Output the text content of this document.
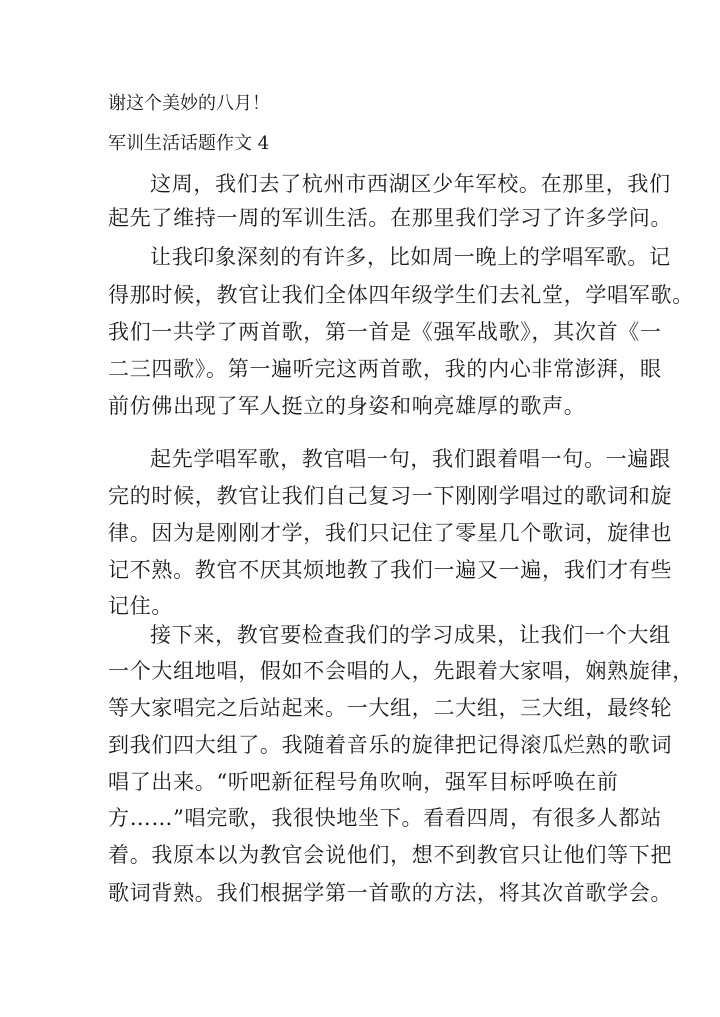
谢这个美妙的八月！
军训生活话题作文 4
这周，我们去了杭州市西湖区少年军校。在那里，我们
起先了维持一周的军训生活。在那里我们学习了许多学问。
让我印象深刻的有许多，比如周一晚上的学唱军歌。记
得那时候，教官让我们全体四年级学生们去礼堂，学唱军歌。
我们一共学了两首歌，第一首是《强军战歌》，其次首《一
二三四歌》。第一遍听完这两首歌，我的内心非常澎湃，眼
前仿佛出现了军人挺立的身姿和响亮雄厚的歌声。
起先学唱军歌，教官唱一句，我们跟着唱一句。一遍跟
完的时候，教官让我们自己复习一下刚刚学唱过的歌词和旋
律。因为是刚刚才学，我们只记住了零星几个歌词，旋律也
记不熟。教官不厌其烦地教了我们一遍又一遍，我们才有些
记住。
接下来，教官要检查我们的学习成果，让我们一个大组
一个大组地唱，假如不会唱的人，先跟着大家唱，娴熟旋律，
等大家唱完之后站起来。一大组，二大组，三大组，最终轮
到我们四大组了。我随着音乐的旋律把记得滚瓜烂熟的歌词
唱了出来。“听吧新征程号角吹响，强军目标呼唤在前
方……”唱完歌，我很快地坐下。看看四周，有很多人都站
着。我原本以为教官会说他们，想不到教官只让他们等下把
歌词背熟。我们根据学第一首歌的方法，将其次首歌学会。
